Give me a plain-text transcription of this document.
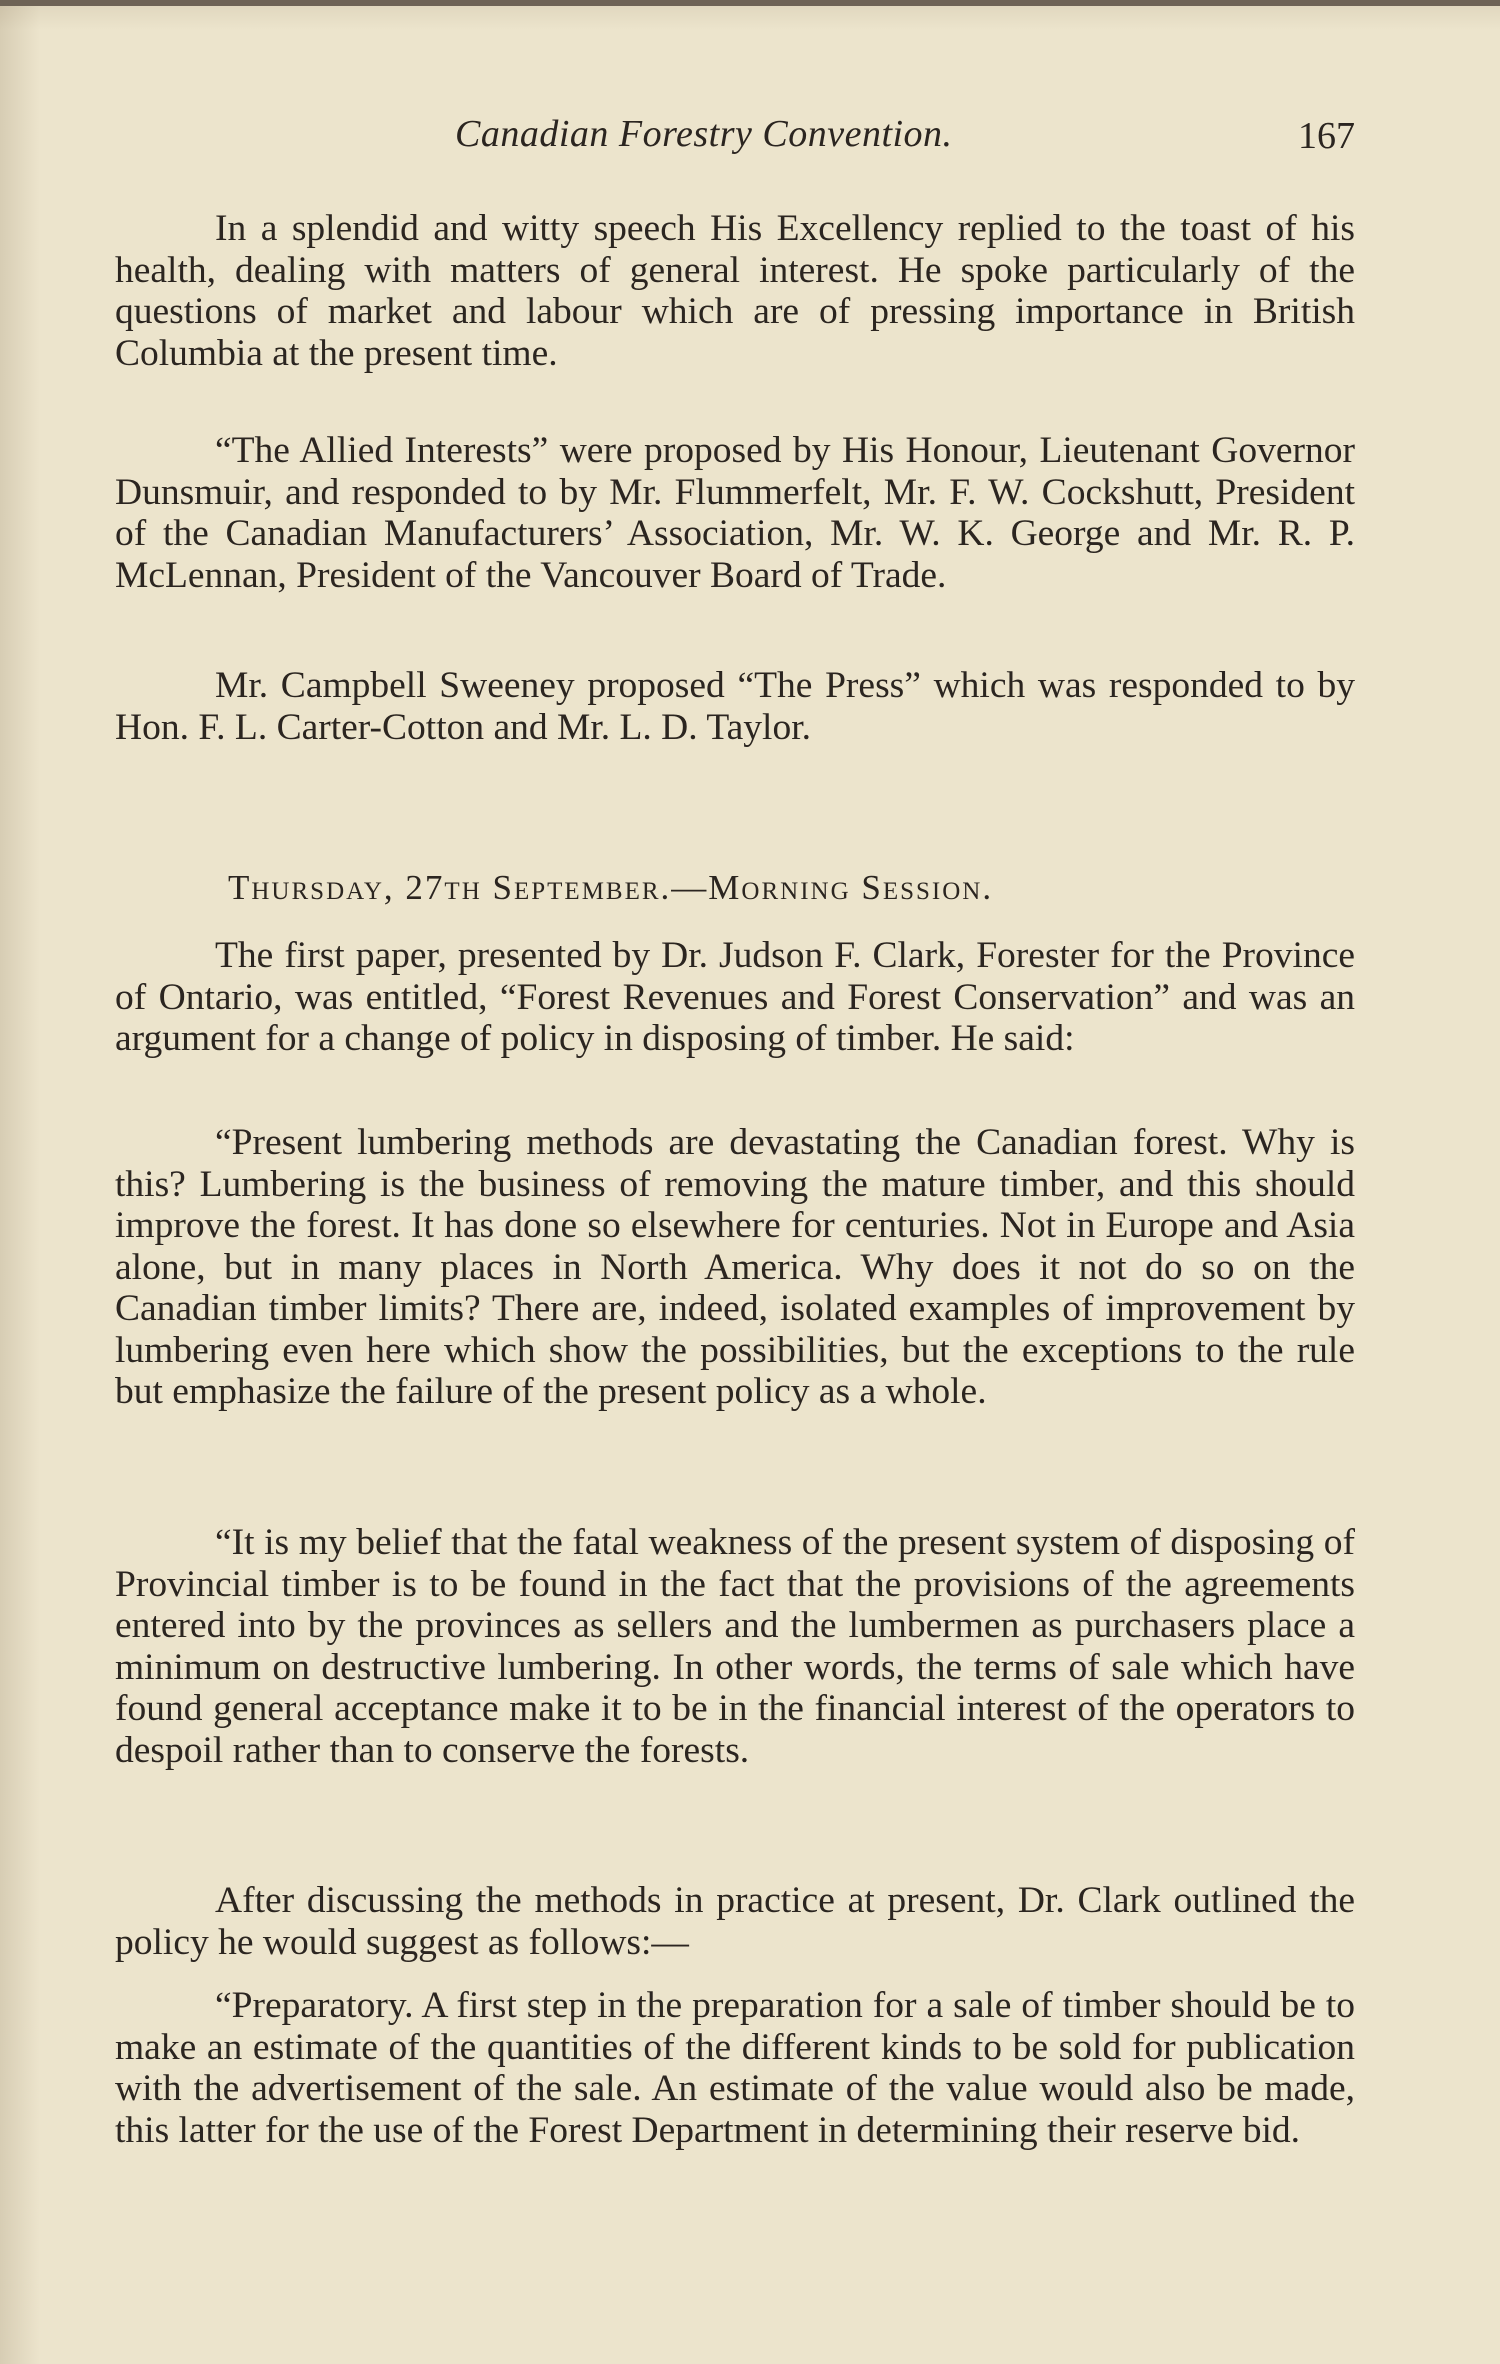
Canadian Forestry Convention.	167

In a splendid and witty speech His Excellency replied to the toast of his health, dealing with matters of general interest. He spoke particularly of the questions of market and labour which are of pressing importance in British Columbia at the present time.

“The Allied Interests” were proposed by His Honour, Lieutenant Governor Dunsmuir, and responded to by Mr. Flummerfelt, Mr. F. W. Cockshutt, President of the Canadian Manufacturers’ Association, Mr. W. K. George and Mr. R. P. McLennan, President of the Vancouver Board of Trade.

Mr. Campbell Sweeney proposed “The Press” which was responded to by Hon. F. L. Carter-Cotton and Mr. L. D. Taylor.

Thursday, 27th September.—Morning Session.

The first paper, presented by Dr. Judson F. Clark, Forester for the Province of Ontario, was entitled, “Forest Revenues and Forest Conservation” and was an argument for a change of policy in disposing of timber. He said:

“Present lumbering methods are devastating the Canadian forest. Why is this? Lumbering is the business of removing the mature timber, and this should improve the forest. It has done so elsewhere for centuries. Not in Europe and Asia alone, but in many places in North America. Why does it not do so on the Canadian timber limits? There are, indeed, isolated examples of improvement by lumbering even here which show the possibilities, but the exceptions to the rule but emphasize the failure of the present policy as a whole.

“It is my belief that the fatal weakness of the present system of disposing of Provincial timber is to be found in the fact that the provisions of the agreements entered into by the provinces as sellers and the lumbermen as purchasers place a minimum on destructive lumbering. In other words, the terms of sale which have found general acceptance make it to be in the financial interest of the operators to despoil rather than to conserve the forests.

After discussing the methods in practice at present, Dr. Clark outlined the policy he would suggest as follows:—

“Preparatory. A first step in the preparation for a sale of timber should be to make an estimate of the quantities of the different kinds to be sold for publication with the advertisement of the sale. An estimate of the value would also be made, this latter for the use of the Forest Department in determining their reserve bid.
